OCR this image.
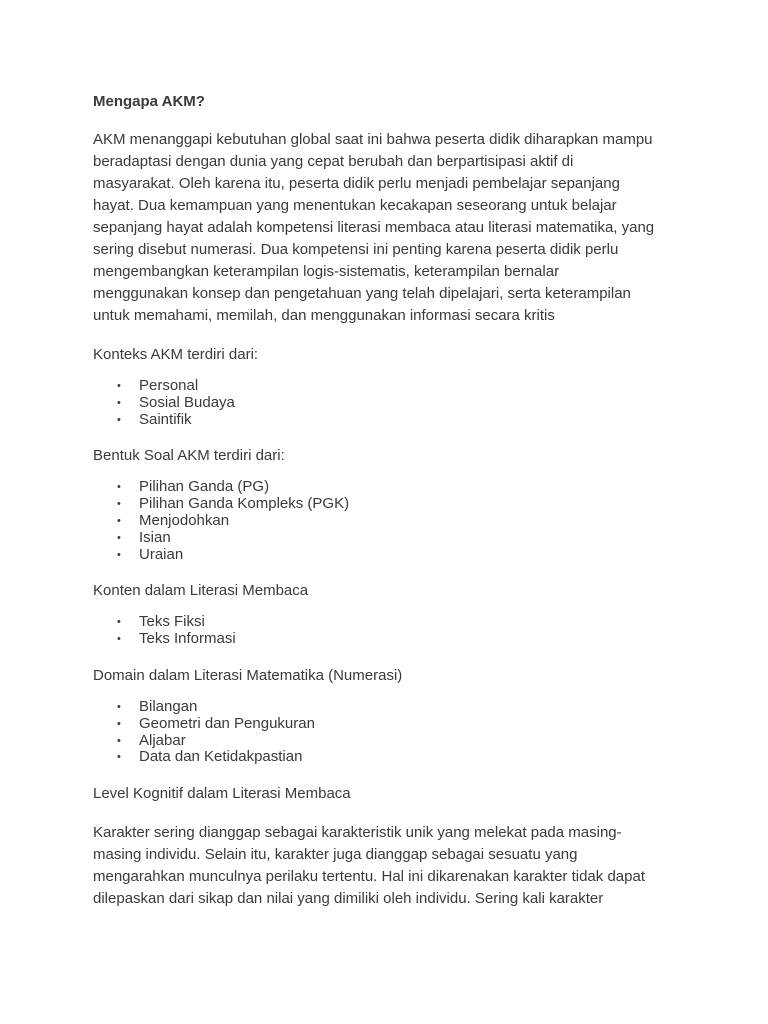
Mengapa AKM?

AKM menanggapi kebutuhan global saat ini bahwa peserta didik diharapkan mampu
beradaptasi dengan dunia yang cepat berubah dan berpartisipasi aktif di
masyarakat. Oleh karena itu, peserta didik perlu menjadi pembelajar sepanjang
hayat. Dua kemampuan yang menentukan kecakapan seseorang untuk belajar
sepanjang hayat adalah kompetensi literasi membaca atau literasi matematika, yang
sering disebut numerasi. Dua kompetensi ini penting karena peserta didik perlu
mengembangkan keterampilan logis-sistematis, keterampilan bernalar
menggunakan konsep dan pengetahuan yang telah dipelajari, serta keterampilan
untuk memahami, memilah, dan menggunakan informasi secara kritis

Konteks AKM terdiri dari:

• Personal
• Sosial Budaya
• Saintifik

Bentuk Soal AKM terdiri dari:

• Pilihan Ganda (PG)
• Pilihan Ganda Kompleks (PGK)
• Menjodohkan
• Isian
• Uraian

Konten dalam Literasi Membaca

• Teks Fiksi
• Teks Informasi

Domain dalam Literasi Matematika (Numerasi)

• Bilangan
• Geometri dan Pengukuran
• Aljabar
• Data dan Ketidakpastian

Level Kognitif dalam Literasi Membaca

Karakter sering dianggap sebagai karakteristik unik yang melekat pada masing-
masing individu. Selain itu, karakter juga dianggap sebagai sesuatu yang
mengarahkan munculnya perilaku tertentu. Hal ini dikarenakan karakter tidak dapat
dilepaskan dari sikap dan nilai yang dimiliki oleh individu. Sering kali karakter
